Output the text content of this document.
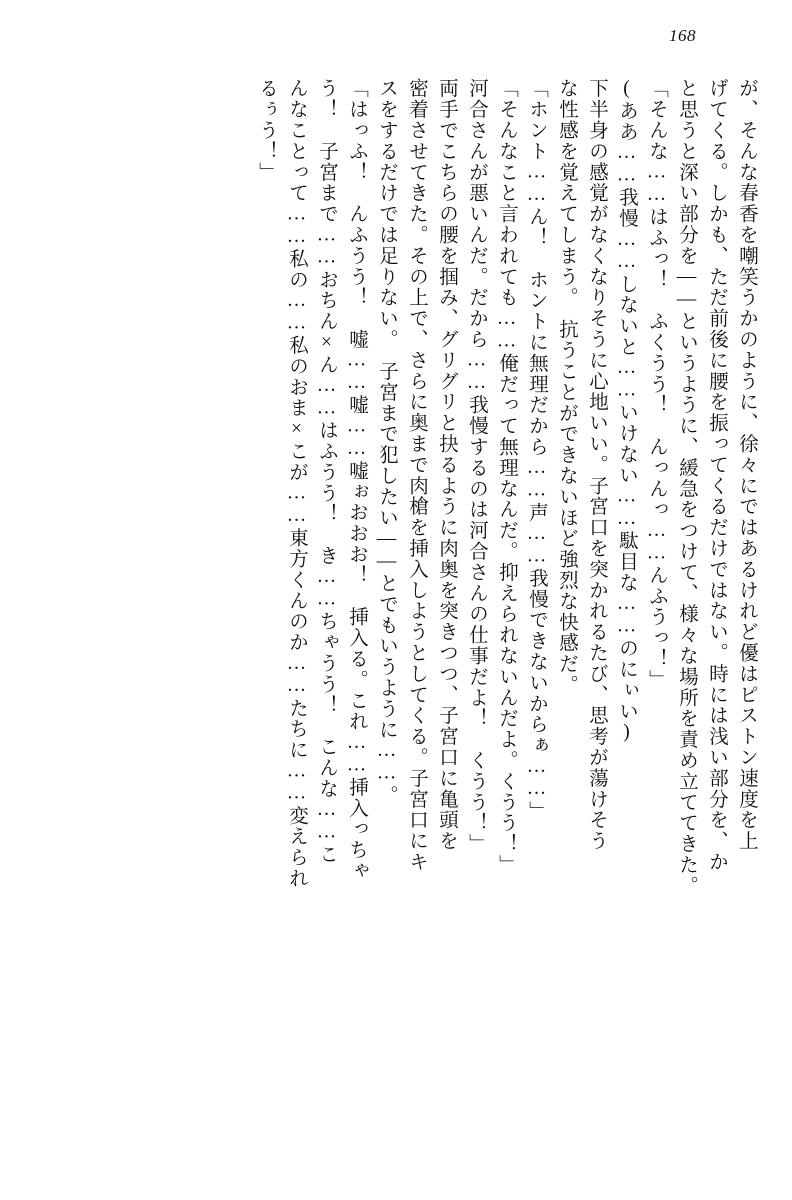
168
が、そんな春香を嘲笑うかのように、徐々にではあるけれど優はピストン速度を上
げてくる。しかも、ただ前後に腰を振ってくるだけではない。時には浅い部分を、か
と思うと深い部分を――というように、緩急をつけて、様々な場所を責め立ててきた。
「そんな……はふっ！　ふくうう！　んっんっ……んふうっ！」
(ああ……我慢……しないと……いけない……駄目な……のにぃい)
下半身の感覚がなくなりそうに心地いい。子宮口を突かれるたび、思考が蕩けそう
な性感を覚えてしまう。　抗うことができないほど強烈な快感だ。
「ホント……ん！　ホントに無理だから……声……我慢できないからぁ……」
「そんなこと言われても……俺だって無理なんだ。抑えられないんだよ。くうう！」
河合さんが悪いんだ。だから……我慢するのは河合さんの仕事だよ！　くうう！」
両手でこちらの腰を掴み、グリグリと抉るように肉奥を突きつつ、子宮口に亀頭を
密着させてきた。その上で、さらに奥まで肉槍を挿入しようとしてくる。子宮口にキ
スをするだけでは足りない。　子宮まで犯したい――とでもいうように……。
「はっふ！　んふうう！　嘘……嘘……嘘ぉおおお！　挿入る。これ……挿入っちゃ
う！　子宮まで……おちん×ん……はふうう！　き……ちゃうう！　こんな……こ
んなことって……私の……私のおま×こが……東方くんのか……たちに……変えられ
るぅう！」
